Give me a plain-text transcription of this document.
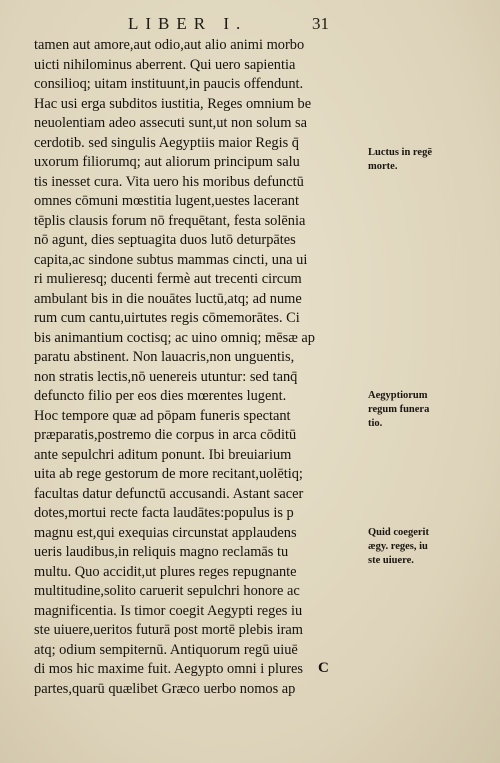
LIBER I.	31

tamen aut amore,aut odio,aut alio animi morbo
uicti nihilominus aberrent. Qui uero sapientia
consilioq; uitam instituunt,in paucis offendunt.
Hac usi erga subditos iustitia, Reges omnium be
neuolentiam adeo assecuti sunt,ut non solum sa
cerdotib. sed singulis Aegyptiis maior Regis q̄
uxorum filiorumq; aut aliorum principum salu
tis inesset cura. Vita uero his moribus defunctū
omnes cōmuni mœstitia lugent,uestes lacerant
tēplis clausis forum nō frequētant, festa solēnia
nō agunt, dies septuagita duos lutō deturpātes
capita,ac sindone subtus mammas cincti, una ui
ri mulieresq; ducenti fermè aut trecenti circum
ambulant bis in die nouātes luctū,atq; ad nume
rum cum cantu,uirtutes regis cōmemorātes. Ci
bis animantium coctisq; ac uino omniq; mēsæ ap
paratu abstinent. Non lauacris,non unguentis,
non stratis lectis,nō uenereis utuntur: sed tanq̄
defuncto filio per eos dies mœrentes lugent.
Hoc tempore quæ ad pōpam funeris spectant
præparatis,postremo die corpus in arca cōditū
ante sepulchri aditum ponunt. Ibi breuiarium
uita ab rege gestorum de more recitant,uolētiq;
facultas datur defunctū accusandi. Astant sacer
dotes,mortui recte facta laudātes:populus is p
magnu est,qui exequias circunstat applaudens
ueris laudibus,in reliquis magno reclamās tu
multu. Quo accidit,ut plures reges repugnante
multitudine,solito caruerit sepulchri honore ac
magnificentia. Is timor coegit Aegypti reges iu
ste uiuere,ueritos futurā post mortē plebis iram
atq; odium sempiternū. Antiquorum regū uiuē
di mos hic maxime fuit. Aegypto omni i plures
partes,quarū quælibet Græco uerbo nomos ap
C
Luctus in regē
morte.
Aegyptiorum
regum funera
tio.
Quid coegerit
ægy. reges, iu
ste uiuere.
